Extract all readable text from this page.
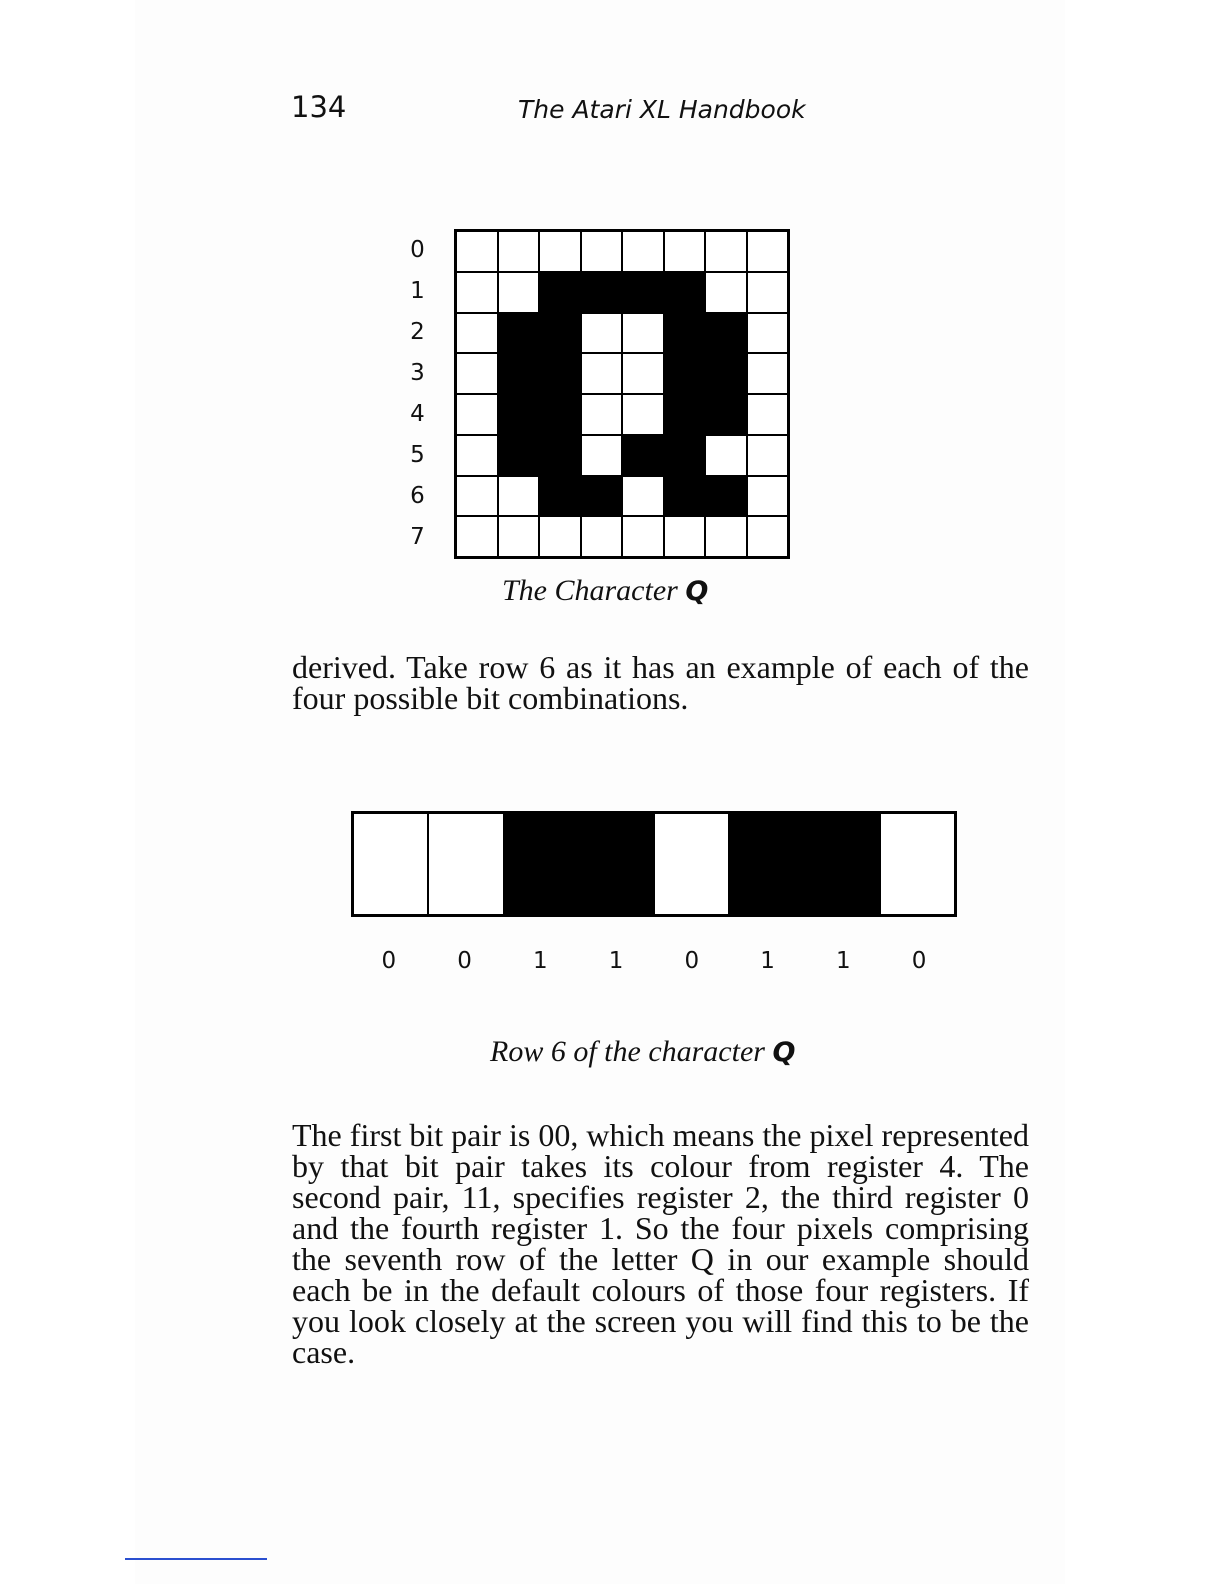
134	The Atari XL Handbook
0
1
2
3
4
5
6
7
The Character Q
derived. Take row 6 as it has an example of each of the four possible bit combinations.
0	0	1	1	0	1	1	0
Row 6 of the character Q
The first bit pair is 00, which means the pixel represented by that bit pair takes its colour from register 4. The second pair, 11, specifies register 2, the third register 0 and the fourth register 1. So the four pixels comprising the seventh row of the letter Q in our example should each be in the default colours of those four registers. If you look closely at the screen you will find this to be the case.
